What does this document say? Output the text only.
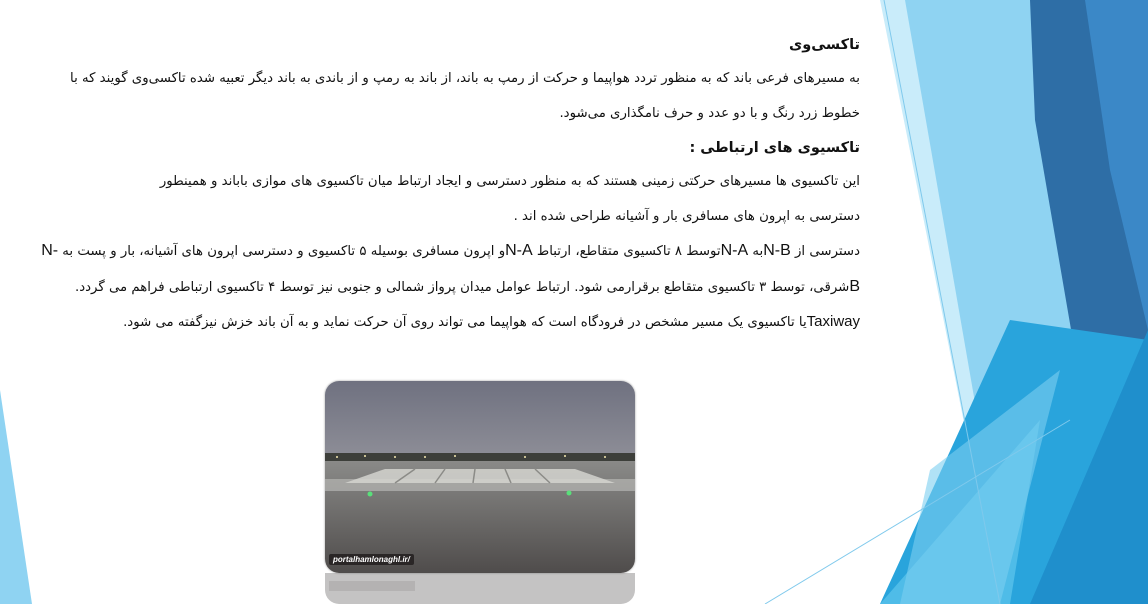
تاکسی‌وی

به مسیرهای فرعی باند که به منظور تردد هواپیما و حرکت از رمپ به باند، از باند به رمپ و از باندی به باند دیگر تعبیه شده تاکسی‌وی گویند که با خطوط زرد رنگ و با دو عدد و حرف نامگذاری می‌شود.

تاکسیوی های ارتباطی :

این تاکسیوی ها مسیرهای حرکتی زمینی هستند که به منظور دسترسی و ایجاد ارتباط میان تاکسیوی های موازی باباند و همینطور دسترسی به اپرون های مسافری بار و آشیانه طراحی شده اند .

دسترسی از N-Bبه N-Aتوسط ۸ تاکسیوی متقاطع، ارتباط N-Aو اپرون مسافری بوسیله ۵ تاکسیوی و دسترسی اپرون های آشیانه، بار و پست به N-Bشرقی، توسط ۳ تاکسیوی متقاطع برقرارمی شود. ارتباط عوامل میدان پرواز شمالی و جنوبی نیز توسط ۴ تاکسیوی ارتباطی فراهم می گردد.

Taxiwayیا تاکسیوی یک مسیر مشخص در فرودگاه است که هواپیما می تواند روی آن حرکت نماید و به آن باند خزش نیزگفته می شود.

portalhamlonaghl.ir/
